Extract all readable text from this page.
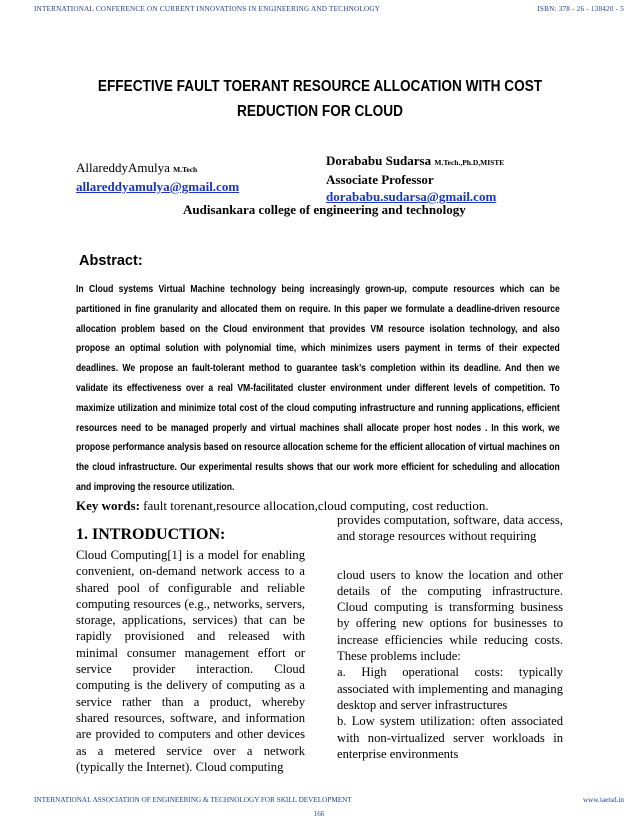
INTERNATIONAL CONFERENCE ON CURRENT INNOVATIONS IN ENGINEERING AND TECHNOLOGY	ISBN: 378 - 26 - 138420 - 5
EFFECTIVE FAULT TOERANT RESOURCE ALLOCATION WITH COST
REDUCTION FOR CLOUD
AllareddyAmulya M.Tech
allareddyamulya@gmail.com
Dorababu Sudarsa M.Tech.,Ph.D,MISTE
Associate Professor
dorababu.sudarsa@gmail.com
Audisankara college of engineering and technology
Abstract:
In Cloud systems Virtual Machine technology being increasingly grown-up, compute resources which can be partitioned in fine granularity and allocated them on require. In this paper we formulate a deadline-driven resource allocation problem based on the Cloud environment that provides VM resource isolation technology, and also propose an optimal solution with polynomial time, which minimizes users payment in terms of their expected deadlines. We propose an fault-tolerant method to guarantee task’s completion within its deadline. And then we validate its effectiveness over a real VM-facilitated cluster environment under different levels of competition. To maximize utilization and minimize total cost of the cloud computing infrastructure and running applications, efficient resources need to be managed properly and virtual machines shall allocate proper host nodes . In this work, we propose performance analysis based on resource allocation scheme for the efficient allocation of virtual machines on the cloud infrastructure. Our experimental results shows that our work more efficient for scheduling and allocation and improving the resource utilization.
Key words: fault torenant,resource allocation,cloud computing, cost reduction.
1. INTRODUCTION:

Cloud Computing[1] is a model for enabling convenient, on-demand network access to a shared pool of configurable and reliable computing resources (e.g., networks, servers, storage, applications, services) that can be rapidly provisioned and released with minimal consumer management effort or service provider interaction. Cloud computing is the delivery of computing as a service rather than a product, whereby shared resources, software, and information are provided to computers and other devices as a metered service over a network (typically the Internet). Cloud computing

provides computation, software, data access, and storage resources without requiring

cloud users to know the location and other details of the computing infrastructure. Cloud computing is transforming business by offering new options for businesses to increase efficiencies while reducing costs. These problems include:

a. High operational costs: typically associated with implementing and managing desktop and server infrastructures

b. Low system utilization: often associated with non-virtualized server workloads in enterprise environments

INTERNATIONAL ASSOCIATION OF ENGINEERING & TECHNOLOGY FOR SKILL DEVELOPMENT	www.iaetsd.in
166
